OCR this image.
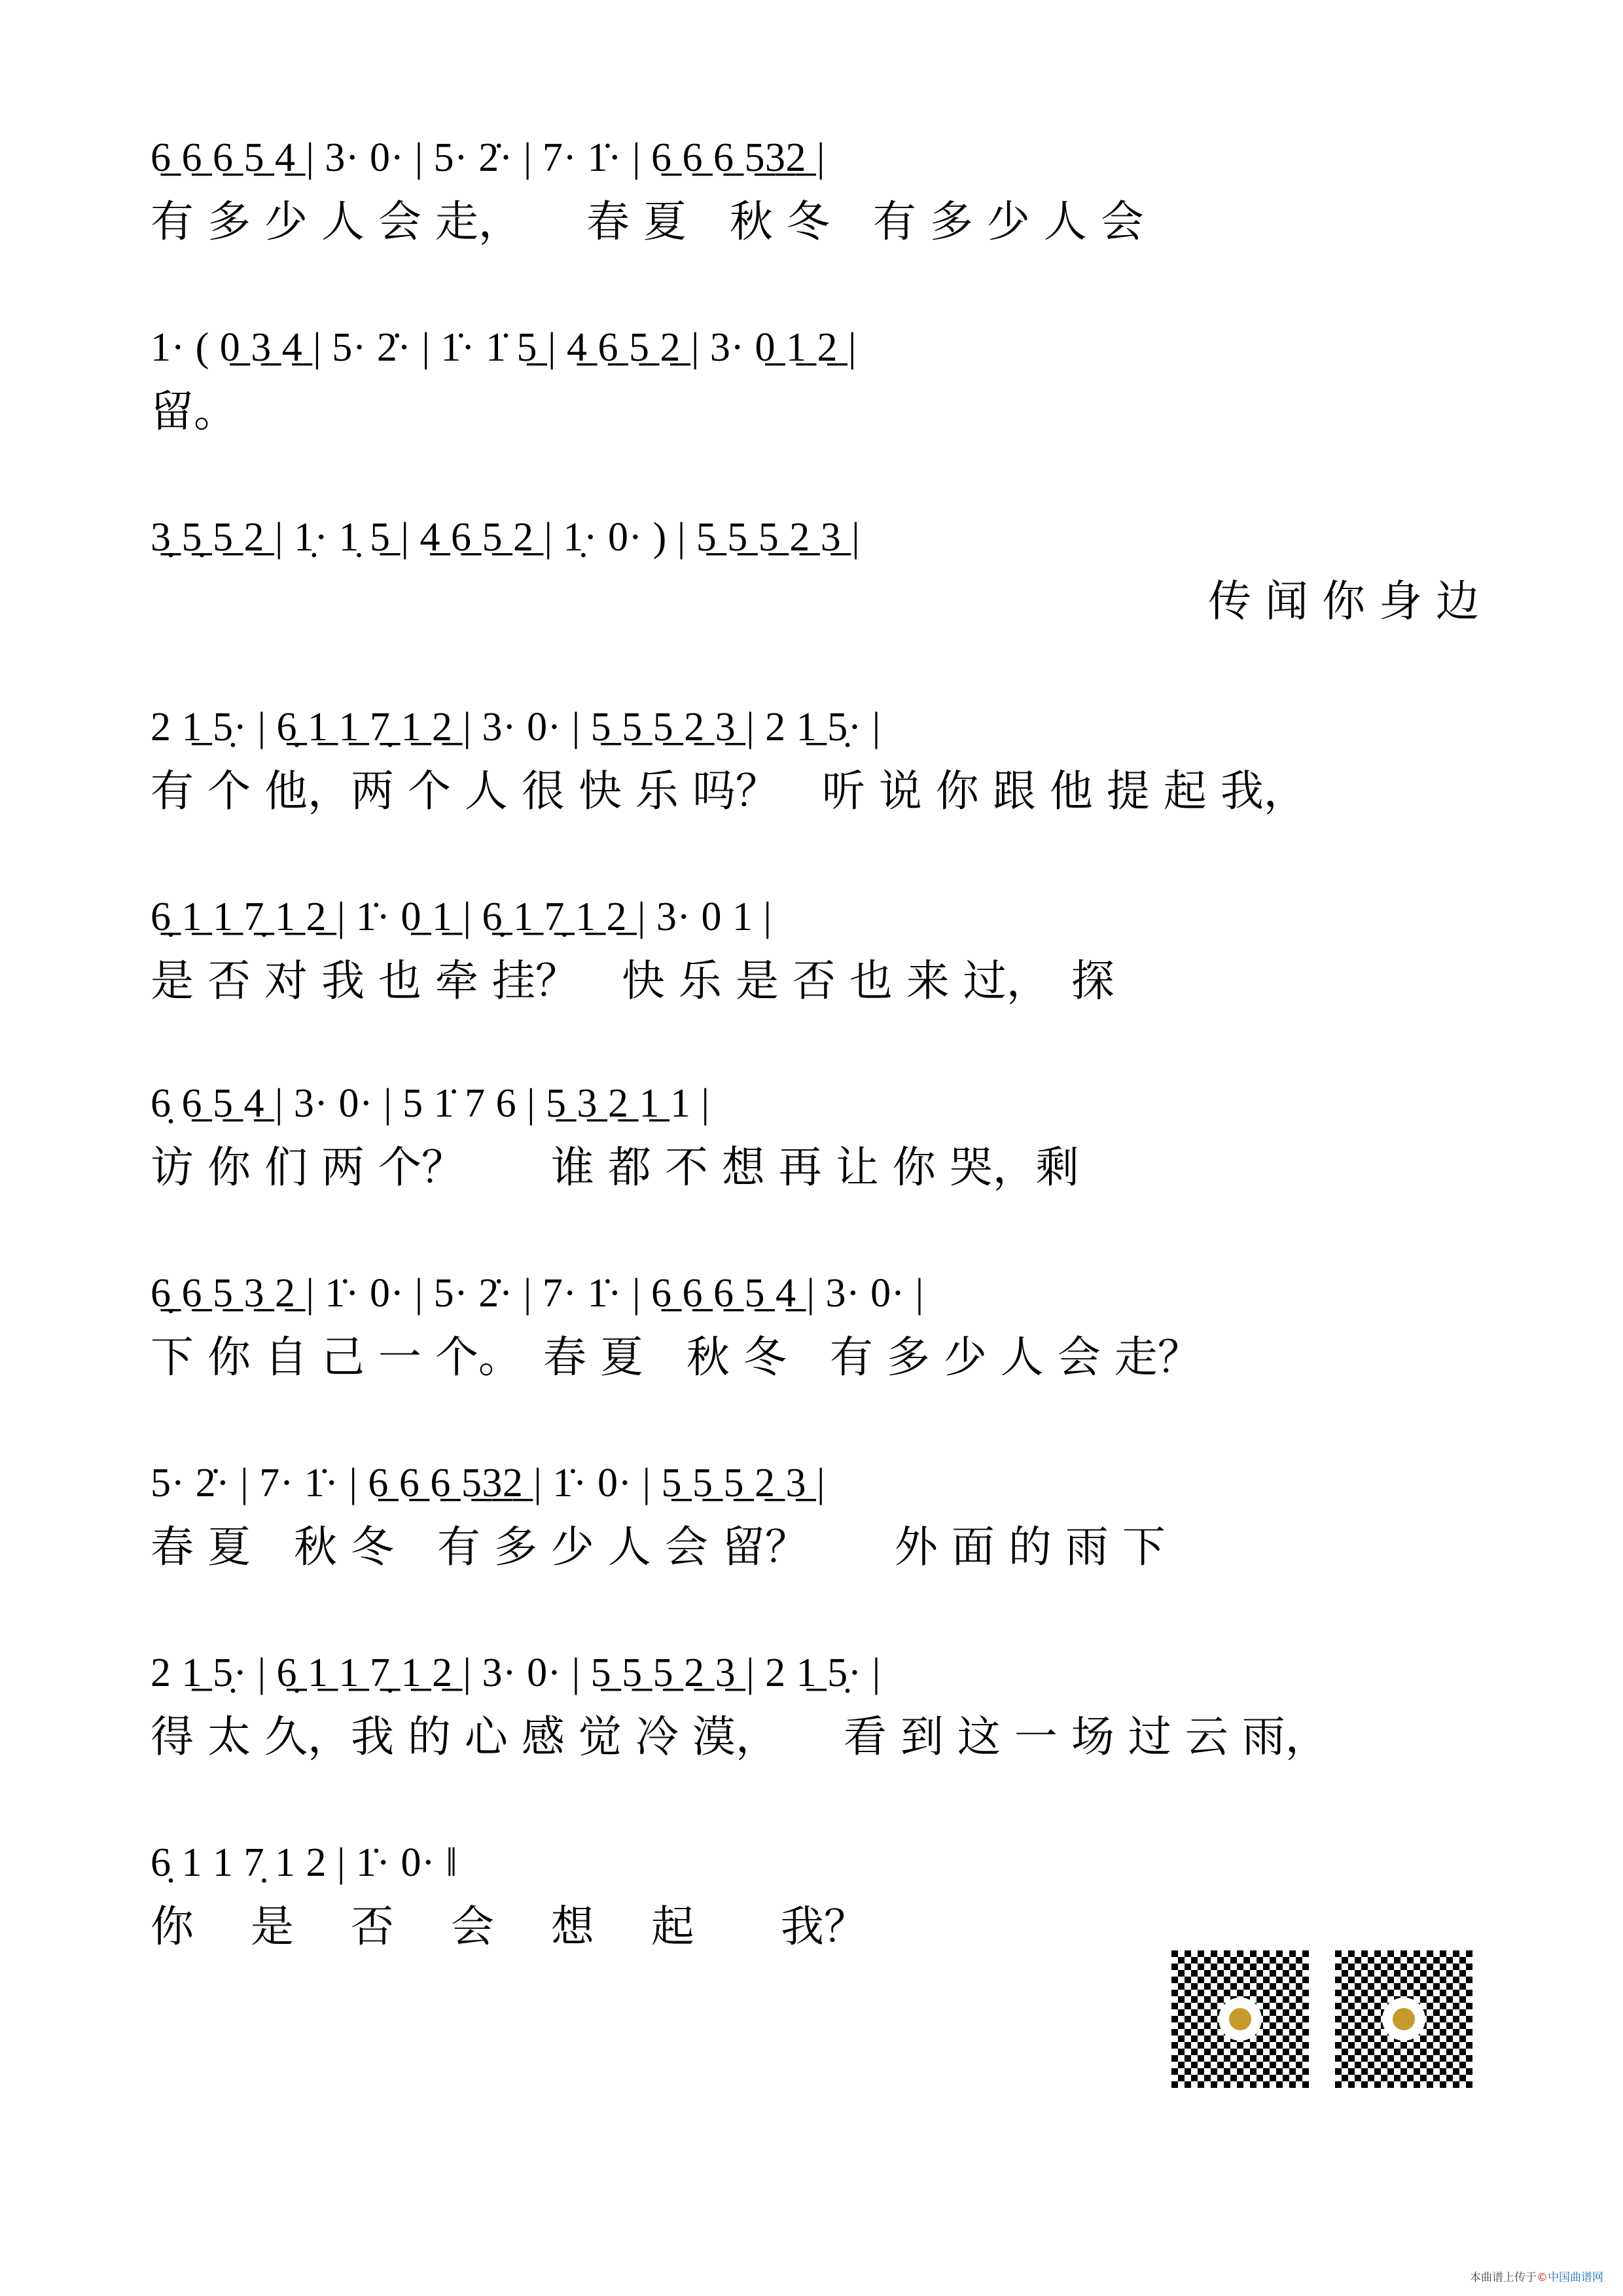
6̲ 6̲ 6̲ 5̲ 4̲ | 3· 0· | 5· 2̇· | 7· 1̇· | 6̲ 6̲ 6̲ 5̲3̲2̲ |
有 多 少 人 会 走，　　春 夏　秋 冬　有 多 少 人 会
1· ( 0̲ 3̲ 4̲ | 5· 2̇· | 1̇· 1̇ 5̲ | 4̲ 6̲ 5̲ 2̲ | 3· 0̲ 1̲ 2̲ |
留。
3̣̲ 5̣̲ 5̲ 2̲ | 1̣· 1̣ 5̲ | 4̲ 6̲ 5̲ 2̲ | 1̣· 0· ) | 5̲ 5̲ 5̲ 2̲ 3̲ |
传 闻 你 身 边
2 1̲ 5̣· | 6̣̲ 1̲ 1̲ 7̣̲ 1̲ 2̲ | 3· 0· | 5̲ 5̲ 5̲ 2̲ 3̲ | 2 1̲ 5̣· |
有 个 他，两 个 人 很 快 乐 吗？　听 说 你 跟 他 提 起 我，
6̣̲ 1̲ 1̲ 7̣̲ 1̲ 2̲ | 1̇· 0̲ 1̲ | 6̣̲ 1̲ 7̣̲ 1̲ 2̲ | 3· 0 1 |
是 否 对 我 也 牵 挂？　快 乐 是 否 也 来 过，　探
6̣ 6̲ 5̲ 4̲ | 3· 0· | 5 1̇ 7 6 | 5̲ 3̲ 2̲ 1̲ 1 |
访 你 们 两 个？　　谁 都 不 想 再 让 你 哭，剩
6̣̲ 6̲ 5̲ 3̲ 2̲ | 1̇· 0· | 5· 2̇· | 7· 1̇· | 6̲ 6̲ 6̲ 5̲ 4̲ | 3· 0· |
下 你 自 己 一 个。　春 夏　秋 冬　有 多 少 人 会 走？
5· 2̇· | 7· 1̇· | 6̲ 6̲ 6̲ 5̲3̲2̲ | 1̇· 0· | 5̲ 5̲ 5̲ 2̲ 3̲ |
春 夏　秋 冬　有 多 少 人 会 留？　　外 面 的 雨 下
2 1̲ 5̣· | 6̣̲ 1̲ 1̲ 7̣̲ 1̲ 2̲ | 3· 0· | 5̲ 5̲ 5̲ 2̲ 3̲ | 2 1̲ 5̣· |
得 太 久，我 的 心 感 觉 冷 漠，　　看 到 这 一 场 过 云 雨，
6̣ 1 1 7̣ 1 2 | 1̇· 0· ‖
你　 是　 否　 会　 想　 起　　我？
本曲谱上传于©中国曲谱网
